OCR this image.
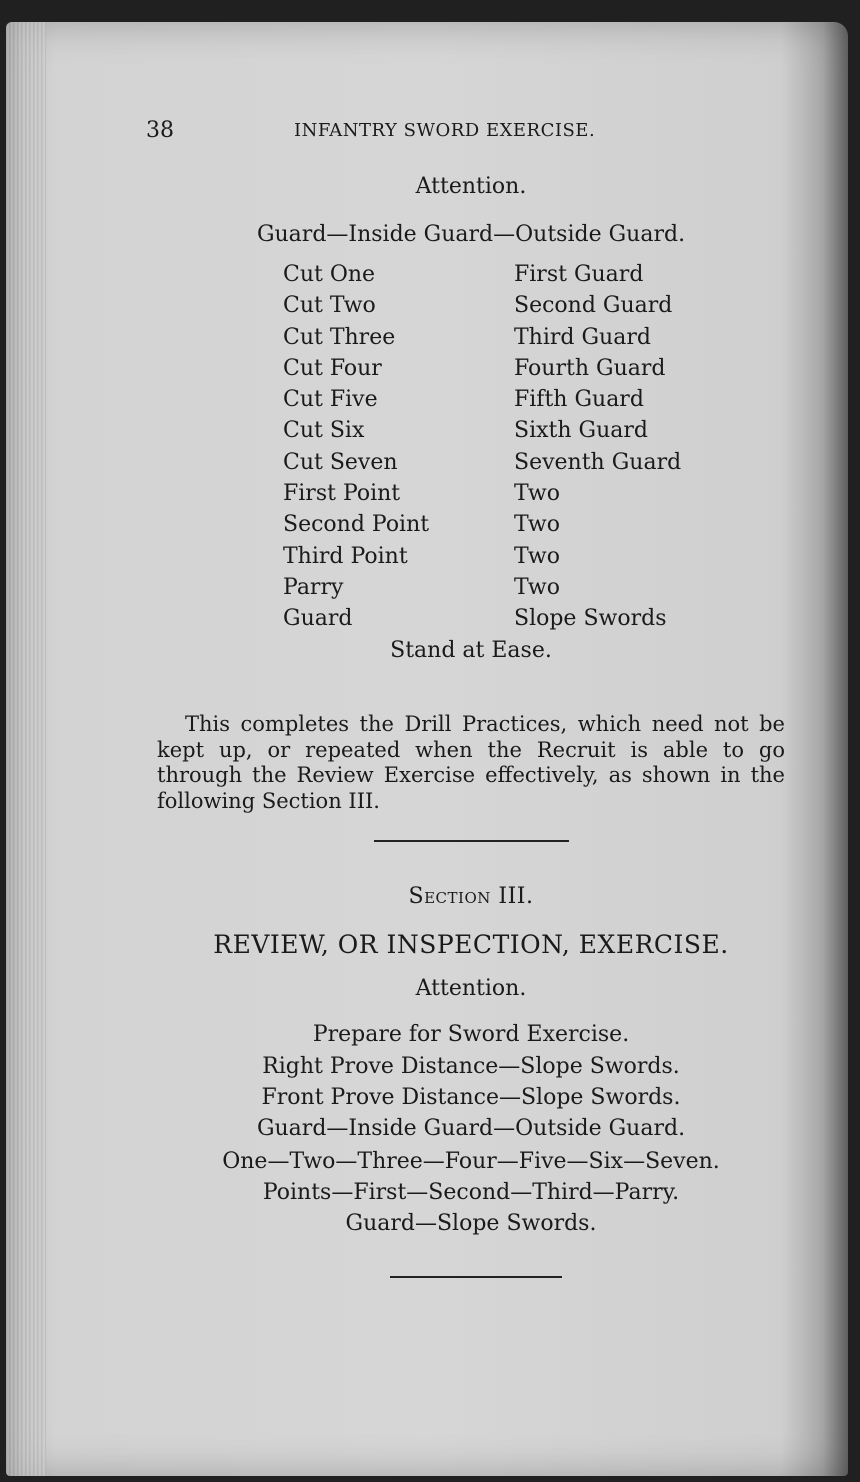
38	INFANTRY SWORD EXERCISE.
Attention.
Guard—Inside Guard—Outside Guard.
Cut One	First Guard
Cut Two	Second Guard
Cut Three	Third Guard
Cut Four	Fourth Guard
Cut Five	Fifth Guard
Cut Six	Sixth Guard
Cut Seven	Seventh Guard
First Point	Two
Second Point	Two
Third Point	Two
Parry	Two
Guard	Slope Swords
Stand at Ease.
This completes the Drill Practices, which need not be kept up, or repeated when the Recruit is able to go through the Review Exercise effectively, as shown in the following Section III.
Section III.
REVIEW, OR INSPECTION, EXERCISE.
Attention.
Prepare for Sword Exercise.
Right Prove Distance—Slope Swords.
Front Prove Distance—Slope Swords.
Guard—Inside Guard—Outside Guard.
One—Two—Three—Four—Five—Six—Seven.
Points—First—Second—Third—Parry.
Guard—Slope Swords.
